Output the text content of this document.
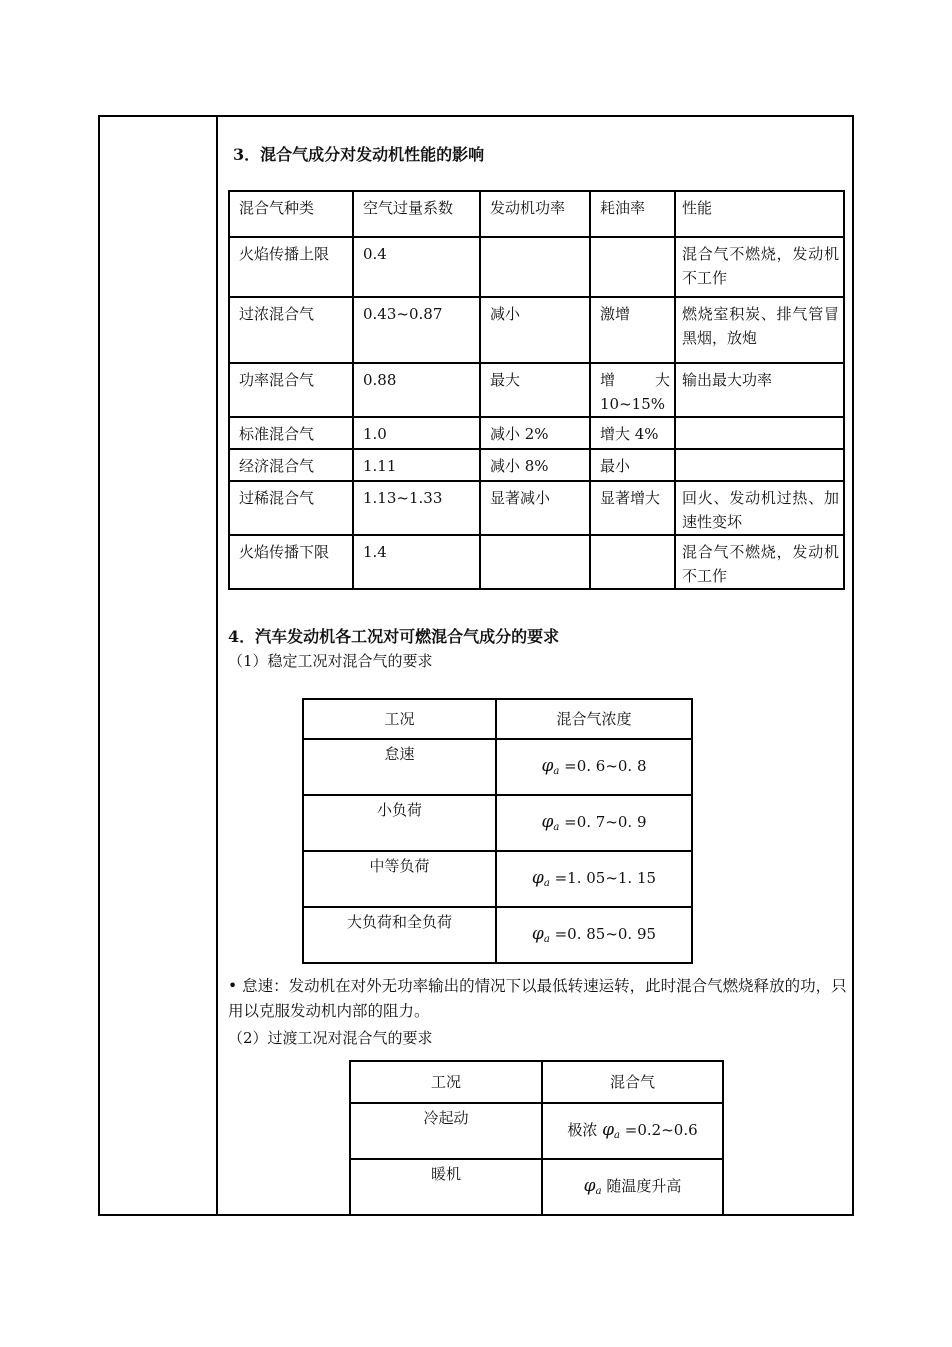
3．混合气成分对发动机性能的影响
混合气种类	空气过量系数	发动机功率	耗油率	性能
火焰传播上限	0.4			混合气不燃烧，发动机不工作
过浓混合气	0.43~0.87	减小	激增	燃烧室积炭、排气管冒黑烟，放炮
功率混合气	0.88	最大	增大10~15%	输出最大功率
标准混合气	1.0	减小 2%	增大 4%	
经济混合气	1.11	减小 8%	最小	
过稀混合气	1.13~1.33	显著减小	显著增大	回火、发动机过热、加速性变坏
火焰传播下限	1.4			混合气不燃烧，发动机不工作
4．汽车发动机各工况对可燃混合气成分的要求
（1）稳定工况对混合气的要求
工况	混合气浓度
怠速	$\varphi_a =0$. 6~0. 8
小负荷	$\varphi_a =0$. 7~0. 9
中等负荷	$\varphi_a =1$. 05~1. 15
大负荷和全负荷	$\varphi_a =0$. 85~0. 95
• 怠速：发动机在对外无功率输出的情况下以最低转速运转，此时混合气燃烧释放的功，只用以克服发动机内部的阻力。
（2）过渡工况对混合气的要求
工况	混合气
冷起动	极浓 $\varphi_a$ =0.2~0.6
暖机	$\varphi_a$ 随温度升高
